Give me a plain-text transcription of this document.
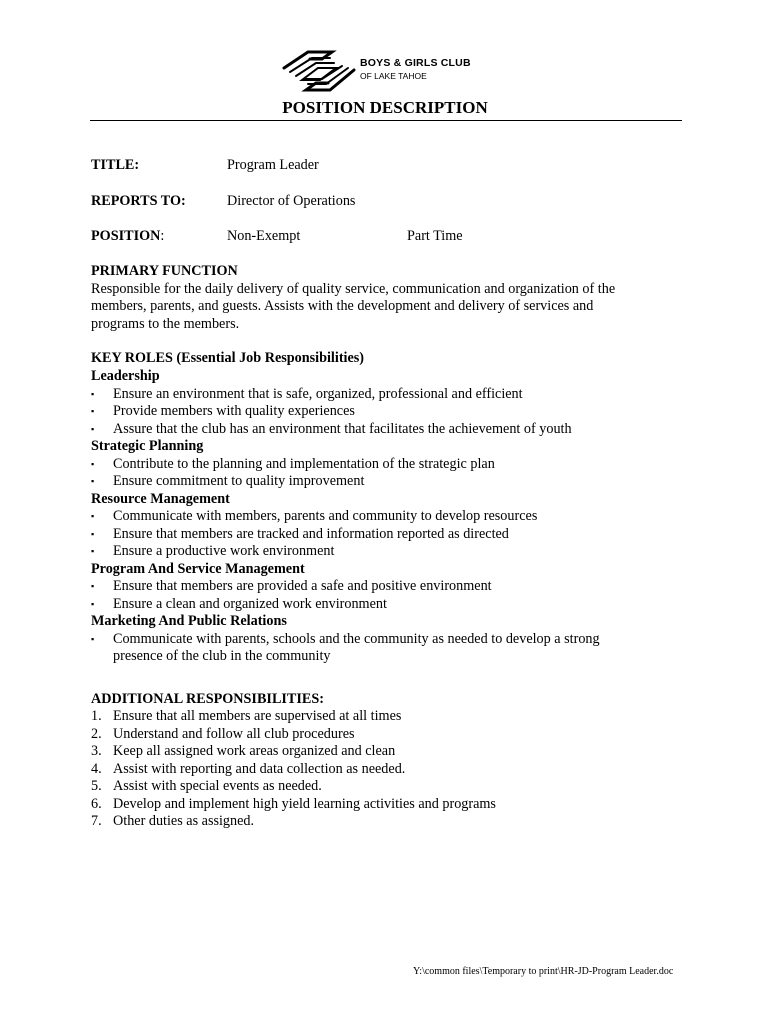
BOYS & GIRLS CLUB
OF LAKE TAHOE
POSITION DESCRIPTION
TITLE:	Program Leader
REPORTS TO:	Director of Operations
POSITION:	Non-Exempt	Part Time
PRIMARY FUNCTION
Responsible for the daily delivery of quality service, communication and organization of the
members, parents, and guests. Assists with the development and delivery of services and
programs to the members.
KEY ROLES (Essential Job Responsibilities)
Leadership
▪ Ensure an environment that is safe, organized, professional and efficient
▪ Provide members with quality experiences
▪ Assure that the club has an environment that facilitates the achievement of youth
Strategic Planning
▪ Contribute to the planning and implementation of the strategic plan
▪ Ensure commitment to quality improvement
Resource Management
▪ Communicate with members, parents and community to develop resources
▪ Ensure that members are tracked and information reported as directed
▪ Ensure a productive work environment
Program And Service Management
▪ Ensure that members are provided a safe and positive environment
▪ Ensure a clean and organized work environment
Marketing And Public Relations
▪ Communicate with parents, schools and the community as needed to develop a strong
presence of the club in the community
ADDITIONAL RESPONSIBILITIES:
1. Ensure that all members are supervised at all times
2. Understand and follow all club procedures
3. Keep all assigned work areas organized and clean
4. Assist with reporting and data collection as needed.
5. Assist with special events as needed.
6. Develop and implement high yield learning activities and programs
7. Other duties as assigned.
Y:\common files\Temporary to print\HR-JD-Program Leader.doc
